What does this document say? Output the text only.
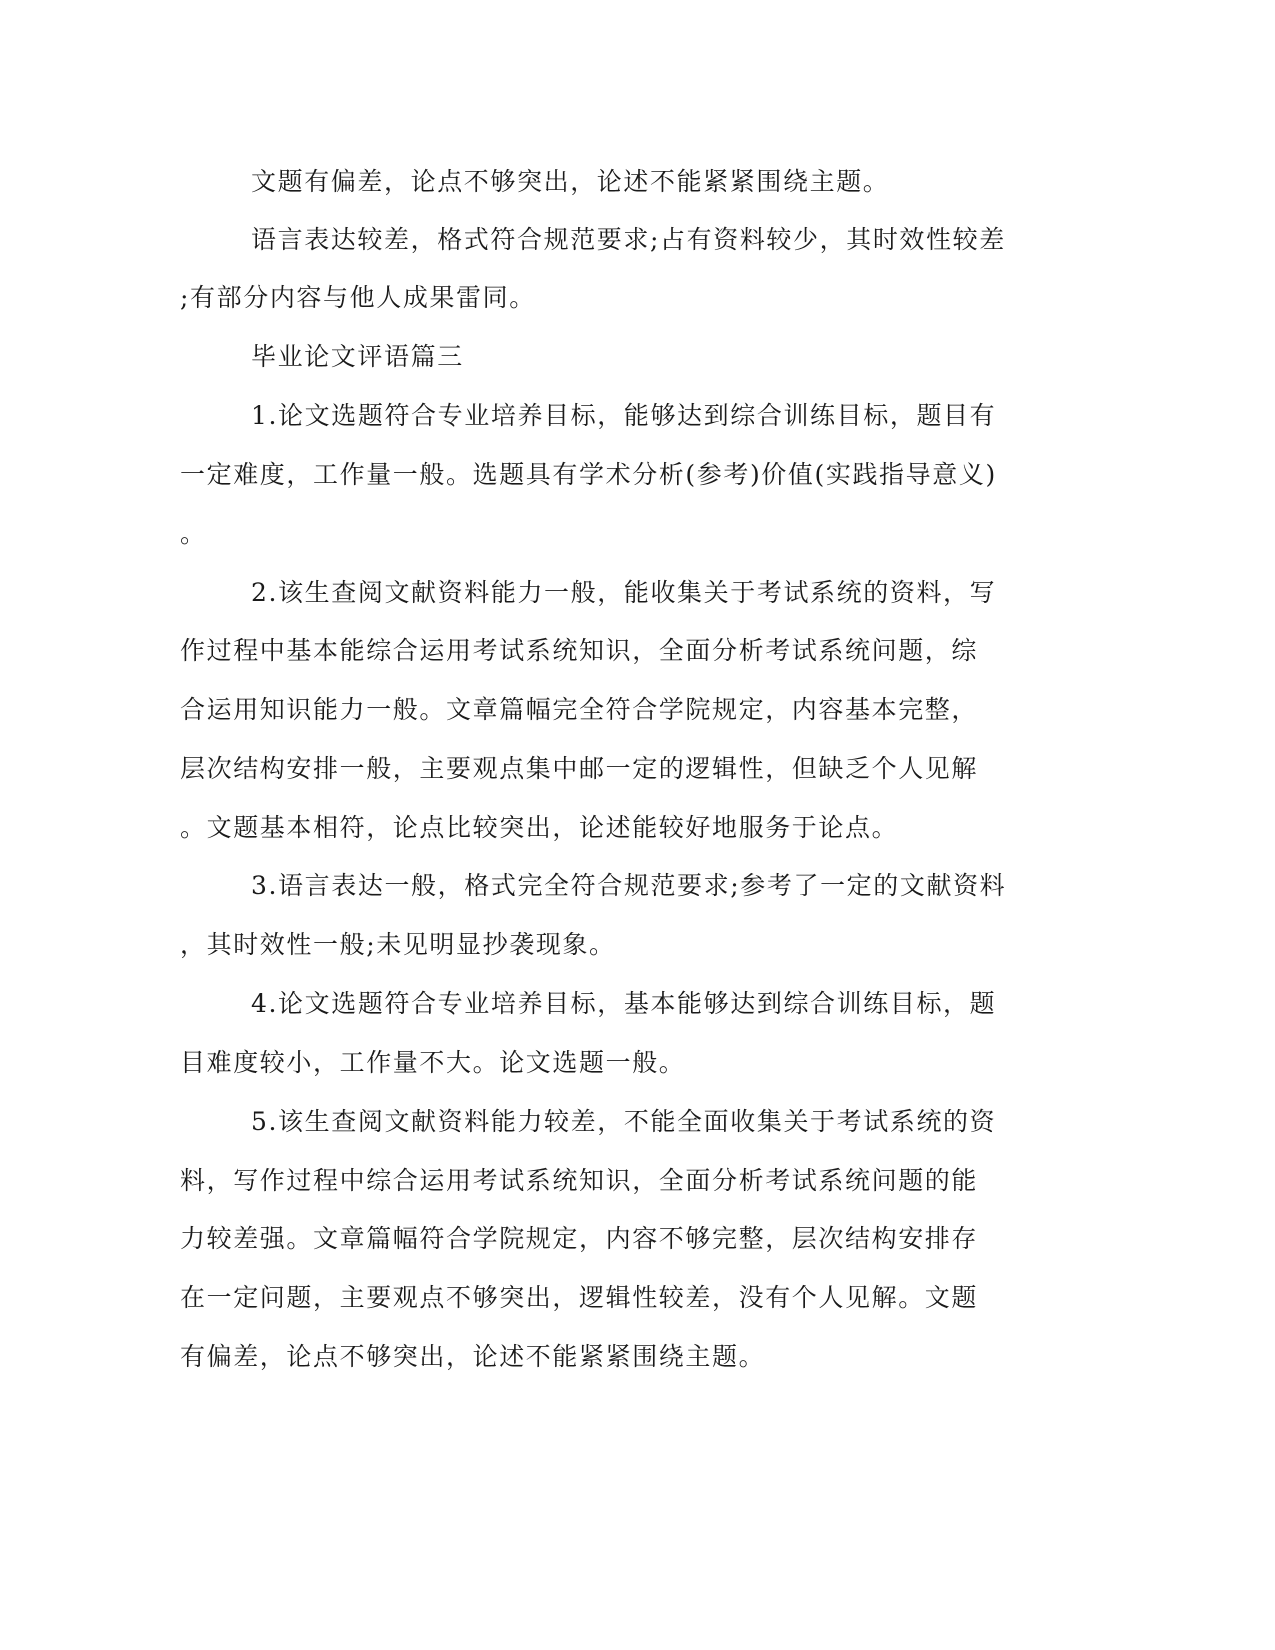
文题有偏差，论点不够突出，论述不能紧紧围绕主题。

语言表达较差，格式符合规范要求;占有资料较少，其时效性较差

;有部分内容与他人成果雷同。

毕业论文评语篇三

1.论文选题符合专业培养目标，能够达到综合训练目标，题目有

一定难度，工作量一般。选题具有学术分析(参考)价值(实践指导意义)

。

2.该生查阅文献资料能力一般，能收集关于考试系统的资料，写

作过程中基本能综合运用考试系统知识，全面分析考试系统问题，综

合运用知识能力一般。文章篇幅完全符合学院规定，内容基本完整，

层次结构安排一般，主要观点集中邮一定的逻辑性，但缺乏个人见解

。文题基本相符，论点比较突出，论述能较好地服务于论点。

3.语言表达一般，格式完全符合规范要求;参考了一定的文献资料

，其时效性一般;未见明显抄袭现象。

4.论文选题符合专业培养目标，基本能够达到综合训练目标，题

目难度较小，工作量不大。论文选题一般。

5.该生查阅文献资料能力较差，不能全面收集关于考试系统的资

料，写作过程中综合运用考试系统知识，全面分析考试系统问题的能

力较差强。文章篇幅符合学院规定，内容不够完整，层次结构安排存

在一定问题，主要观点不够突出，逻辑性较差，没有个人见解。文题

有偏差，论点不够突出，论述不能紧紧围绕主题。
